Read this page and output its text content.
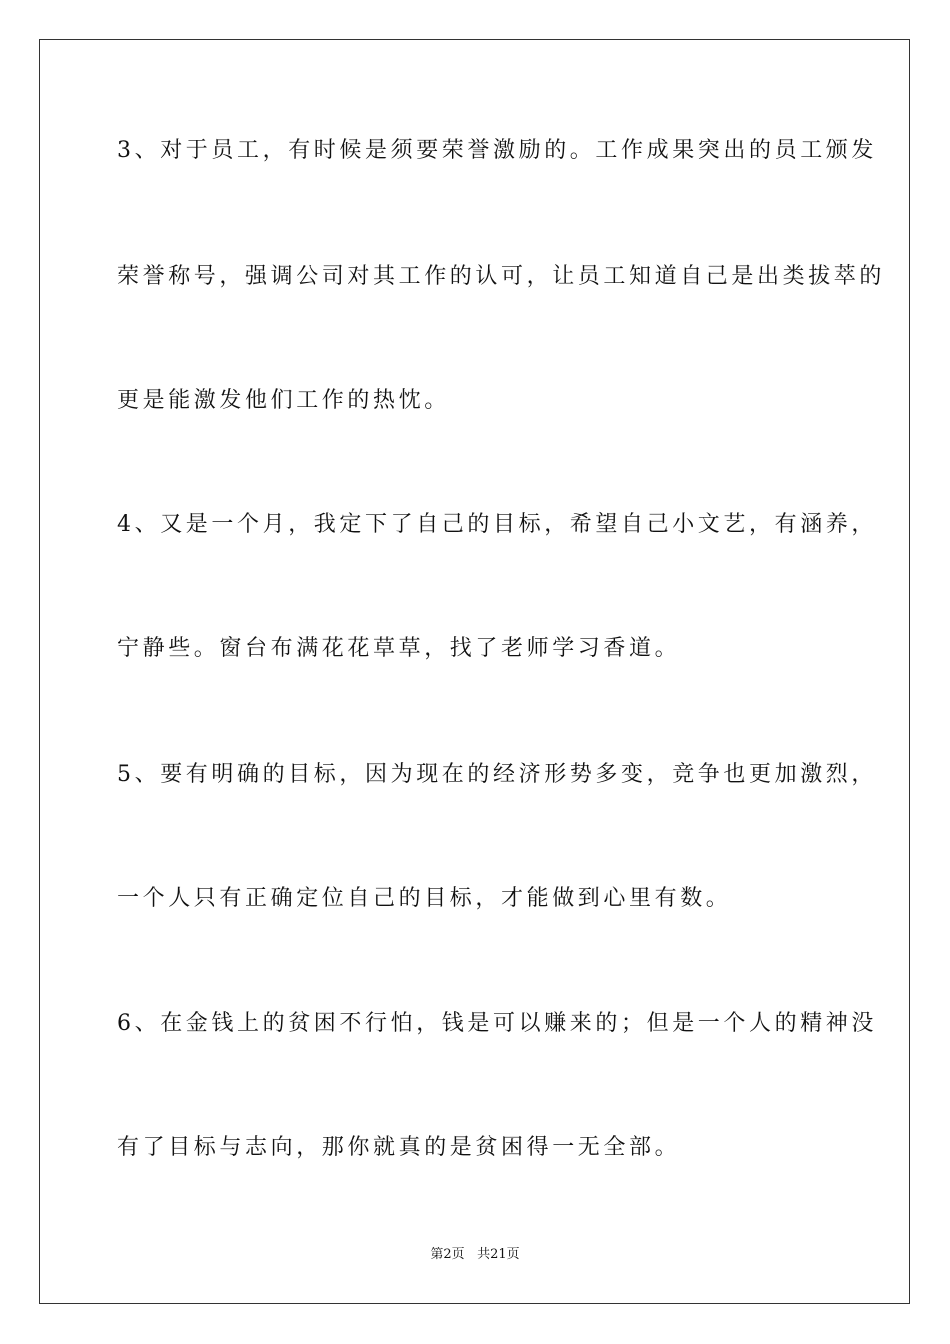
3、对于员工，有时候是须要荣誉激励的。工作成果突出的员工颁发
荣誉称号，强调公司对其工作的认可，让员工知道自己是出类拔萃的
更是能激发他们工作的热忱。
4、又是一个月，我定下了自己的目标，希望自己小文艺，有涵养，
宁静些。窗台布满花花草草，找了老师学习香道。
5、要有明确的目标，因为现在的经济形势多变，竞争也更加激烈，
一个人只有正确定位自己的目标，才能做到心里有数。
6、在金钱上的贫困不行怕，钱是可以赚来的；但是一个人的精神没
有了目标与志向，那你就真的是贫困得一无全部。
第2页 共21页
